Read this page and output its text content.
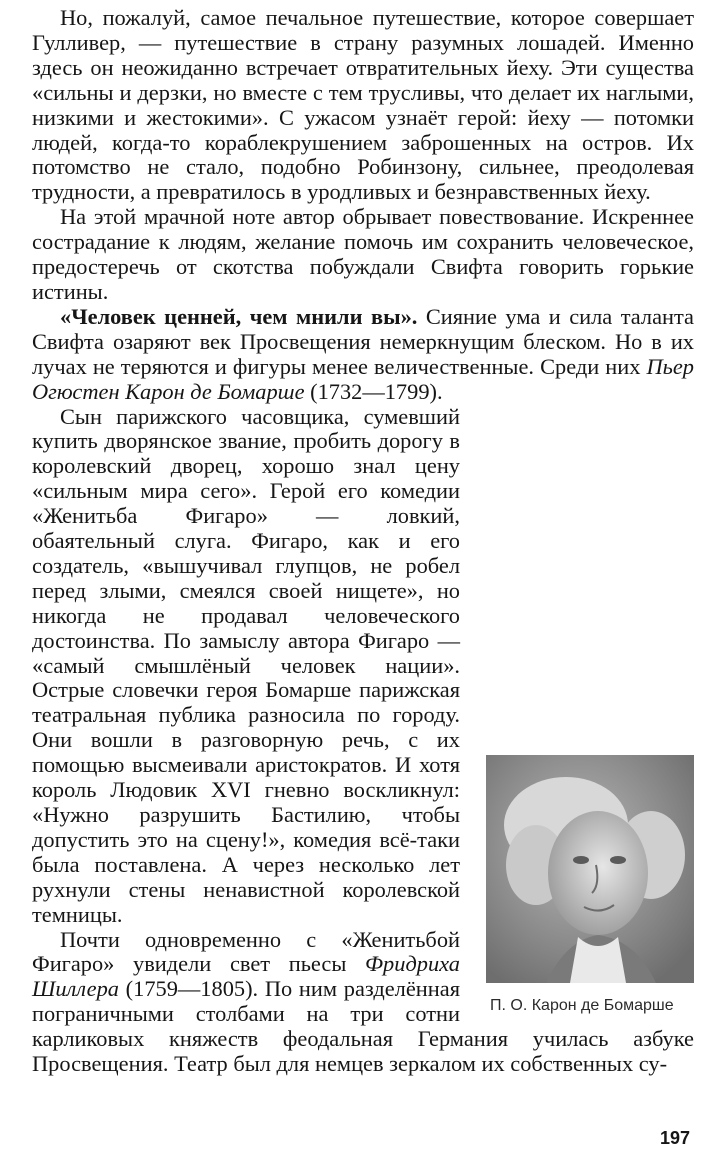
Но, пожалуй, самое печальное путешествие, которое совершает Гулливер, — путешествие в страну разумных лошадей. Именно здесь он неожиданно встречает отвратительных йеху. Эти существа «сильны и дерзки, но вместе с тем трусливы, что делает их наглыми, низкими и жестокими». С ужасом узнаёт герой: йеху — потомки людей, когда-то кораблекрушением заброшенных на остров. Их потомство не стало, подобно Робинзону, сильнее, преодолевая трудности, а превратилось в уродливых и безнравственных йеху.

На этой мрачной ноте автор обрывает повествование. Искреннее сострадание к людям, желание помочь им сохранить человеческое, предостеречь от скотства побуждали Свифта говорить горькие истины.

«Человек ценней, чем мнили вы». Сияние ума и сила таланта Свифта озаряют век Просвещения немеркнущим блеском. Но в их лучах не теряются и фигуры менее величественные. Среди них Пьер Огюстен Карон де Бомарше (1732—1799).

П. О. Карон де Бомарше

Сын парижского часовщика, сумевший купить дворянское звание, пробить дорогу в королевский дворец, хорошо знал цену «сильным мира сего». Герой его комедии «Женитьба Фигаро» — ловкий, обаятельный слуга. Фигаро, как и его создатель, «вышучивал глупцов, не робел перед злыми, смеялся своей нищете», но никогда не продавал человеческого достоинства. По замыслу автора Фигаро — «самый смышлёный человек нации». Острые словечки героя Бомарше парижская театральная публика разносила по городу. Они вошли в разговорную речь, с их помощью высмеивали аристократов. И хотя король Людовик XVI гневно воскликнул: «Нужно разрушить Бастилию, чтобы допустить это на сцену!», комедия всё-таки была поставлена. А через несколько лет рухнули стены ненавистной королевской темницы.

Почти одновременно с «Женитьбой Фигаро» увидели свет пьесы Фридриха Шиллера (1759—1805). По ним разделённая пограничными столбами на три сотни карликовых княжеств феодальная Германия училась азбуке Просвещения. Театр был для немцев зеркалом их собственных су-

197
